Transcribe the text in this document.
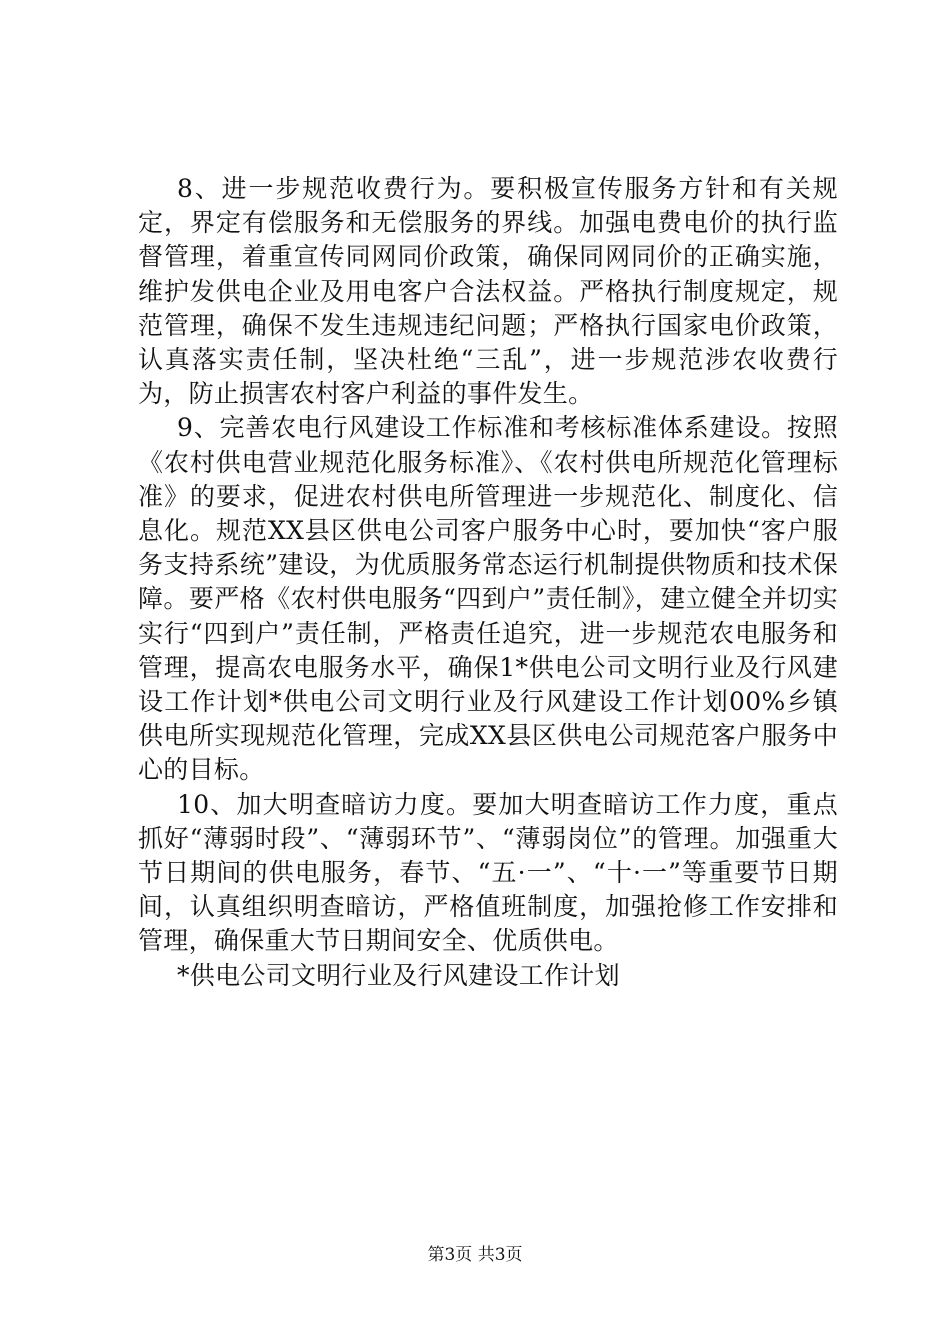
8、进一步规范收费行为。要积极宣传服务方针和有关规定，界定有偿服务和无偿服务的界线。加强电费电价的执行监督管理，着重宣传同网同价政策，确保同网同价的正确实施，维护发供电企业及用电客户合法权益。严格执行制度规定，规范管理，确保不发生违规违纪问题；严格执行国家电价政策，认真落实责任制，坚决杜绝“三乱”，进一步规范涉农收费行为，防止损害农村客户利益的事件发生。

9、完善农电行风建设工作标准和考核标准体系建设。按照《农村供电营业规范化服务标准》、《农村供电所规范化管理标准》的要求，促进农村供电所管理进一步规范化、制度化、信息化。规范XX县区供电公司客户服务中心时，要加快“客户服务支持系统”建设，为优质服务常态运行机制提供物质和技术保障。要严格《农村供电服务“四到户”责任制》，建立健全并切实实行“四到户”责任制，严格责任追究，进一步规范农电服务和管理，提高农电服务水平，确保1*供电公司文明行业及行风建设工作计划*供电公司文明行业及行风建设工作计划00%乡镇供电所实现规范化管理，完成XX县区供电公司规范客户服务中心的目标。

10、加大明查暗访力度。要加大明查暗访工作力度，重点抓好“薄弱时段”、“薄弱环节”、“薄弱岗位”的管理。加强重大节日期间的供电服务，春节、“五·一”、“十·一”等重要节日期间，认真组织明查暗访，严格值班制度，加强抢修工作安排和管理，确保重大节日期间安全、优质供电。

*供电公司文明行业及行风建设工作计划

第3页 共3页
